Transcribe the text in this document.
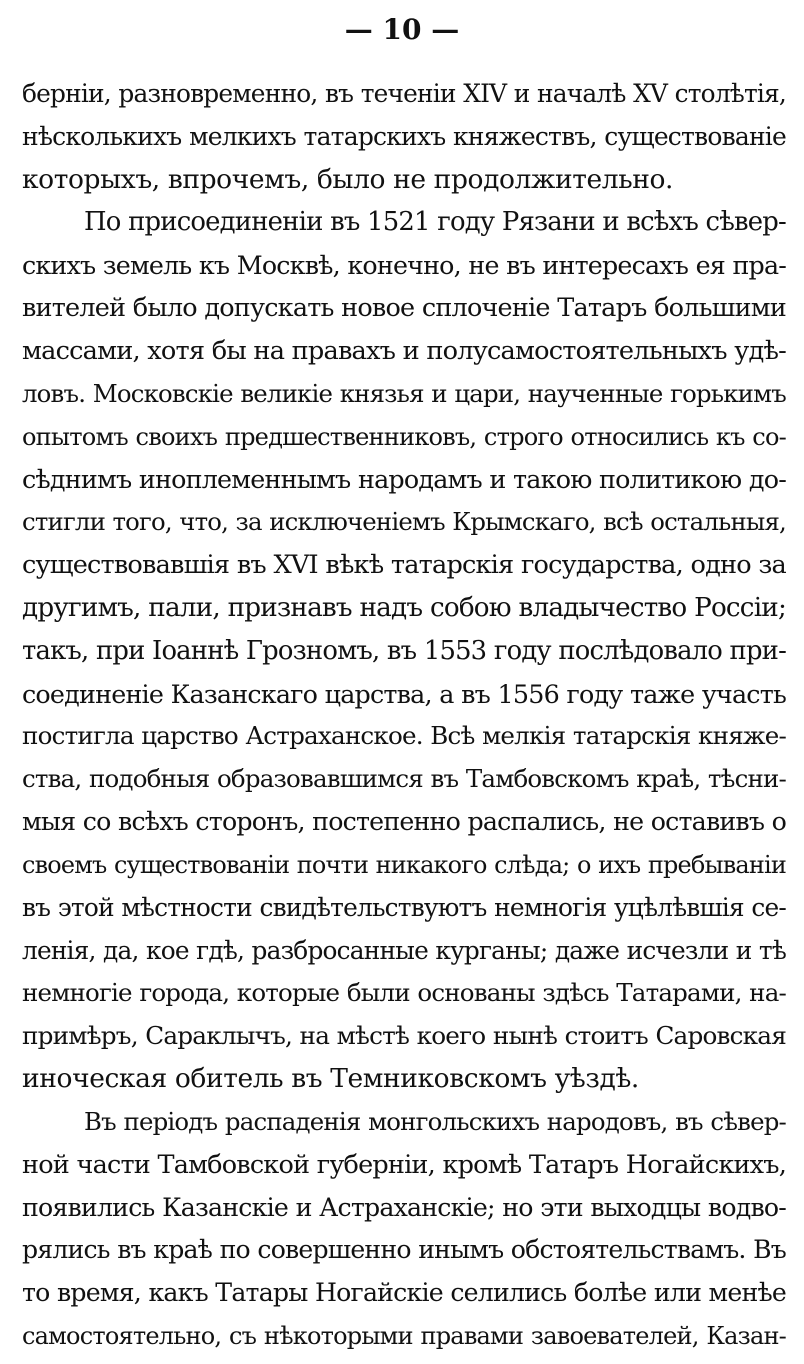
— 10 —
берніи, разновременно, въ теченіи XIV и началѣ XV столѣтія,
нѣсколькихъ мелкихъ татарскихъ княжествъ, существованіе
которыхъ, впрочемъ, было не продолжительно.
По присоединеніи въ 1521 году Рязани и всѣхъ сѣвер-
скихъ земель къ Москвѣ, конечно, не въ интересахъ ея пра-
вителей было допускать новое сплоченіе Татаръ большими
массами, хотя бы на правахъ и полусамостоятельныхъ удѣ-
ловъ. Московскіе великіе князья и цари, наученные горькимъ
опытомъ своихъ предшественниковъ, строго относились къ со-
сѣднимъ иноплеменнымъ народамъ и такою политикою до-
стигли того, что, за исключеніемъ Крымскаго, всѣ остальныя,
существовавшія въ XVI вѣкѣ татарскія государства, одно за
другимъ, пали, признавъ надъ собою владычество Россіи;
такъ, при Іоаннѣ Грозномъ, въ 1553 году послѣдовало при-
соединеніе Казанскаго царства, а въ 1556 году таже участь
постигла царство Астраханское. Всѣ мелкія татарскія княже-
ства, подобныя образовавшимся въ Тамбовскомъ краѣ, тѣсни-
мыя со всѣхъ сторонъ, постепенно распались, не оставивъ о
своемъ существованіи почти никакого слѣда; о ихъ пребываніи
въ этой мѣстности свидѣтельствуютъ немногія уцѣлѣвшія се-
ленія, да, кое гдѣ, разбросанные курганы; даже исчезли и тѣ
немногіе города, которые были основаны здѣсь Татарами, на-
примѣръ, Сараклычъ, на мѣстѣ коего нынѣ стоитъ Саровская
иноческая обитель въ Темниковскомъ уѣздѣ.
Въ періодъ распаденія монгольскихъ народовъ, въ сѣвер-
ной части Тамбовской губерніи, кромѣ Татаръ Ногайскихъ,
появились Казанскіе и Астраханскіе; но эти выходцы водво-
рялись въ краѣ по совершенно инымъ обстоятельствамъ. Въ
то время, какъ Татары Ногайскіе селились болѣе или менѣе
самостоятельно, съ нѣкоторыми правами завоевателей, Казан-
